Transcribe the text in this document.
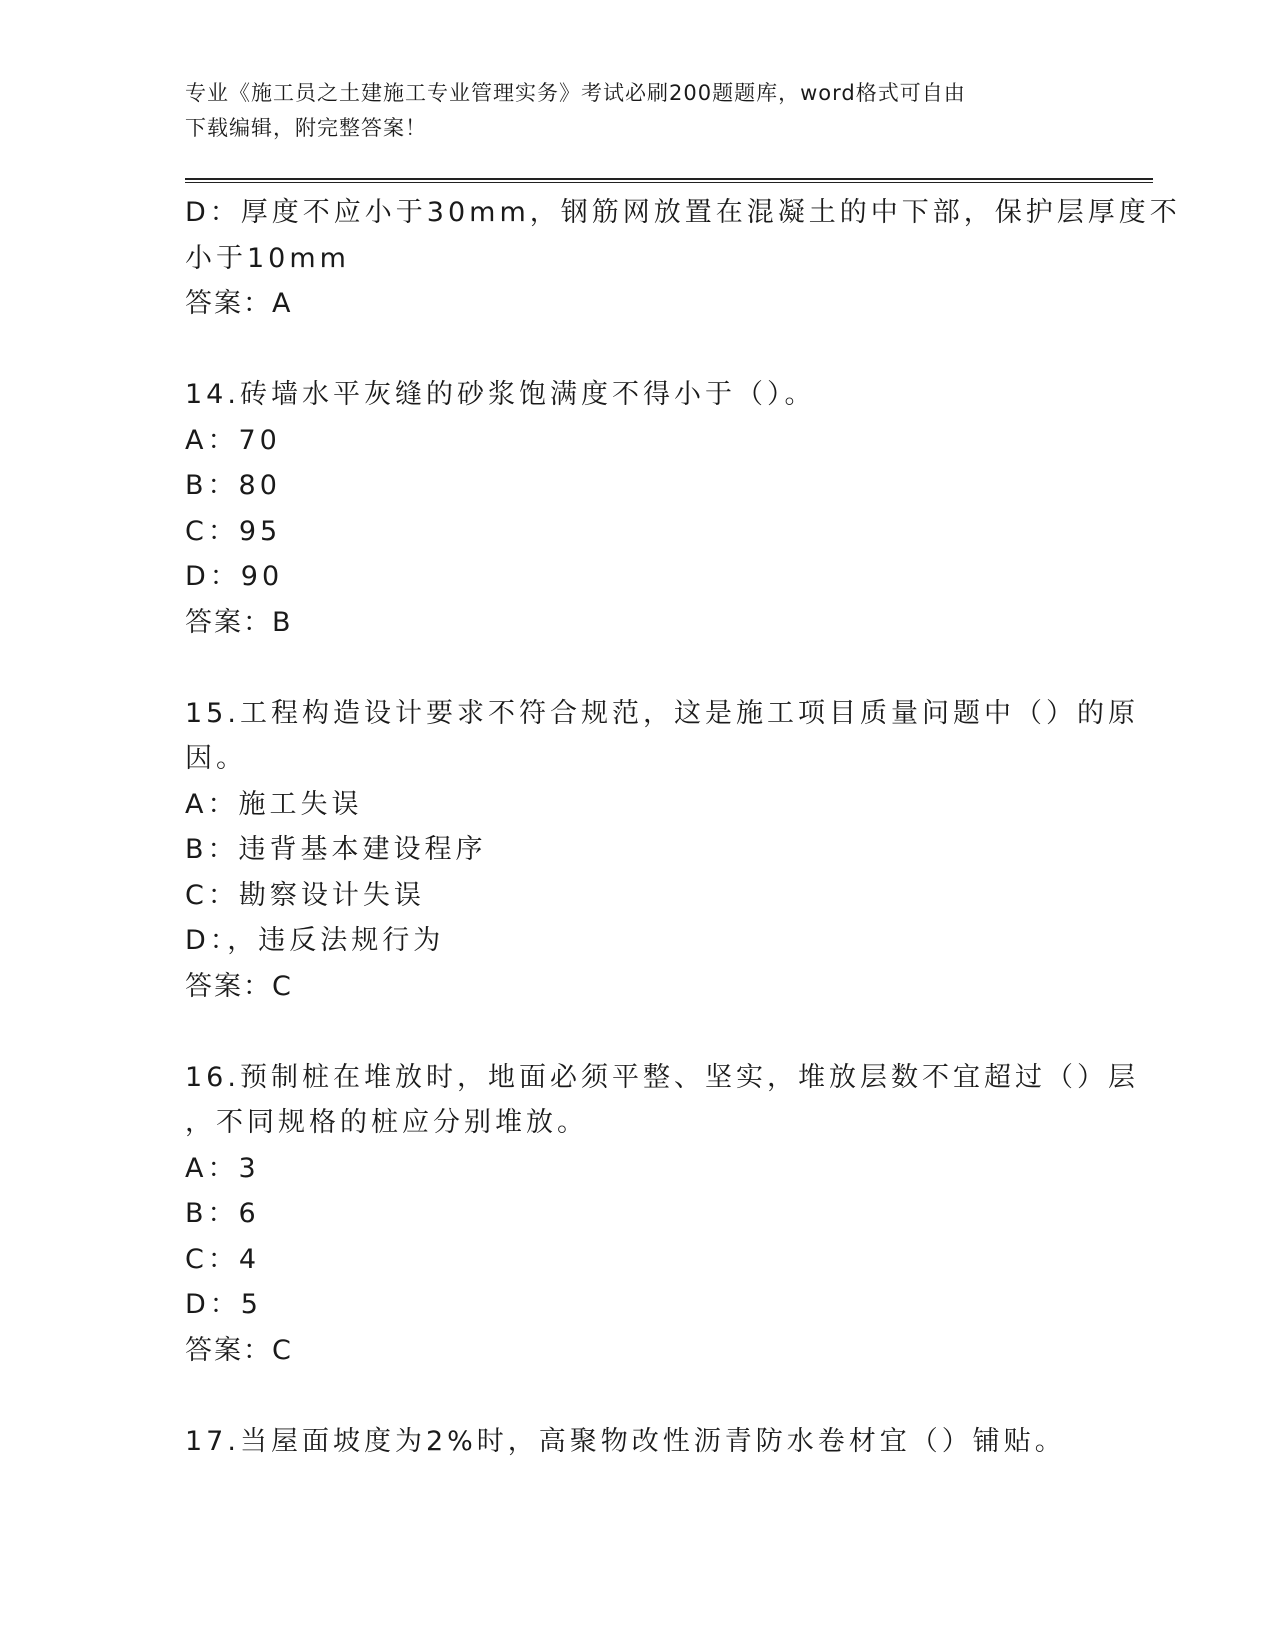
专业《施工员之土建施工专业管理实务》考试必刷200题题库，word格式可自由
下载编辑，附完整答案！
D：厚度不应小于30mm，钢筋网放置在混凝土的中下部，保护层厚度不
小于10mm
答案：A
14.砖墙水平灰缝的砂浆饱满度不得小于（）。
A：70
B：80
C：95
D：90
答案：B
15.工程构造设计要求不符合规范，这是施工项目质量问题中（）的原
因。
A：施工失误
B：违背基本建设程序
C：勘察设计失误
D：，违反法规行为
答案：C
16.预制桩在堆放时，地面必须平整、坚实，堆放层数不宜超过（）层
，不同规格的桩应分别堆放。
A：3
B：6
C：4
D：5
答案：C
17.当屋面坡度为2%时，高聚物改性沥青防水卷材宜（）铺贴。
